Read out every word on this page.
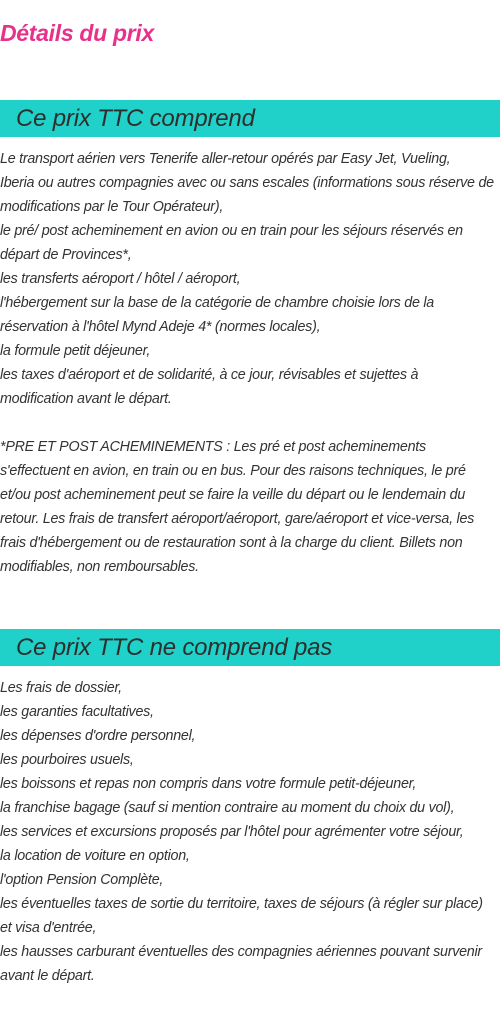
Détails du prix
Ce prix TTC comprend
Le transport aérien vers Tenerife aller-retour opérés par Easy Jet, Vueling,
Iberia ou autres compagnies avec ou sans escales (informations sous réserve de
modifications par le Tour Opérateur),
le pré/ post acheminement en avion ou en train pour les séjours réservés en
départ de Provinces*,
les transferts aéroport / hôtel / aéroport,
l'hébergement sur la base de la catégorie de chambre choisie lors de la
réservation à l'hôtel Mynd Adeje 4* (normes locales),
la formule petit déjeuner,
les taxes d'aéroport et de solidarité, à ce jour, révisables et sujettes à
modification avant le départ.
*PRE ET POST ACHEMINEMENTS : Les pré et post acheminements
s'effectuent en avion, en train ou en bus. Pour des raisons techniques, le pré
et/ou post acheminement peut se faire la veille du départ ou le lendemain du
retour. Les frais de transfert aéroport/aéroport, gare/aéroport et vice-versa, les
frais d'hébergement ou de restauration sont à la charge du client. Billets non
modifiables, non remboursables.
Ce prix TTC ne comprend pas
Les frais de dossier,
les garanties facultatives,
les dépenses d'ordre personnel,
les pourboires usuels,
les boissons et repas non compris dans votre formule petit-déjeuner,
la franchise bagage (sauf si mention contraire au moment du choix du vol),
les services et excursions proposés par l'hôtel pour agrémenter votre séjour,
la location de voiture en option,
l'option Pension Complète,
les éventuelles taxes de sortie du territoire, taxes de séjours (à régler sur place)
et visa d'entrée,
les hausses carburant éventuelles des compagnies aériennes pouvant survenir
avant le départ.
